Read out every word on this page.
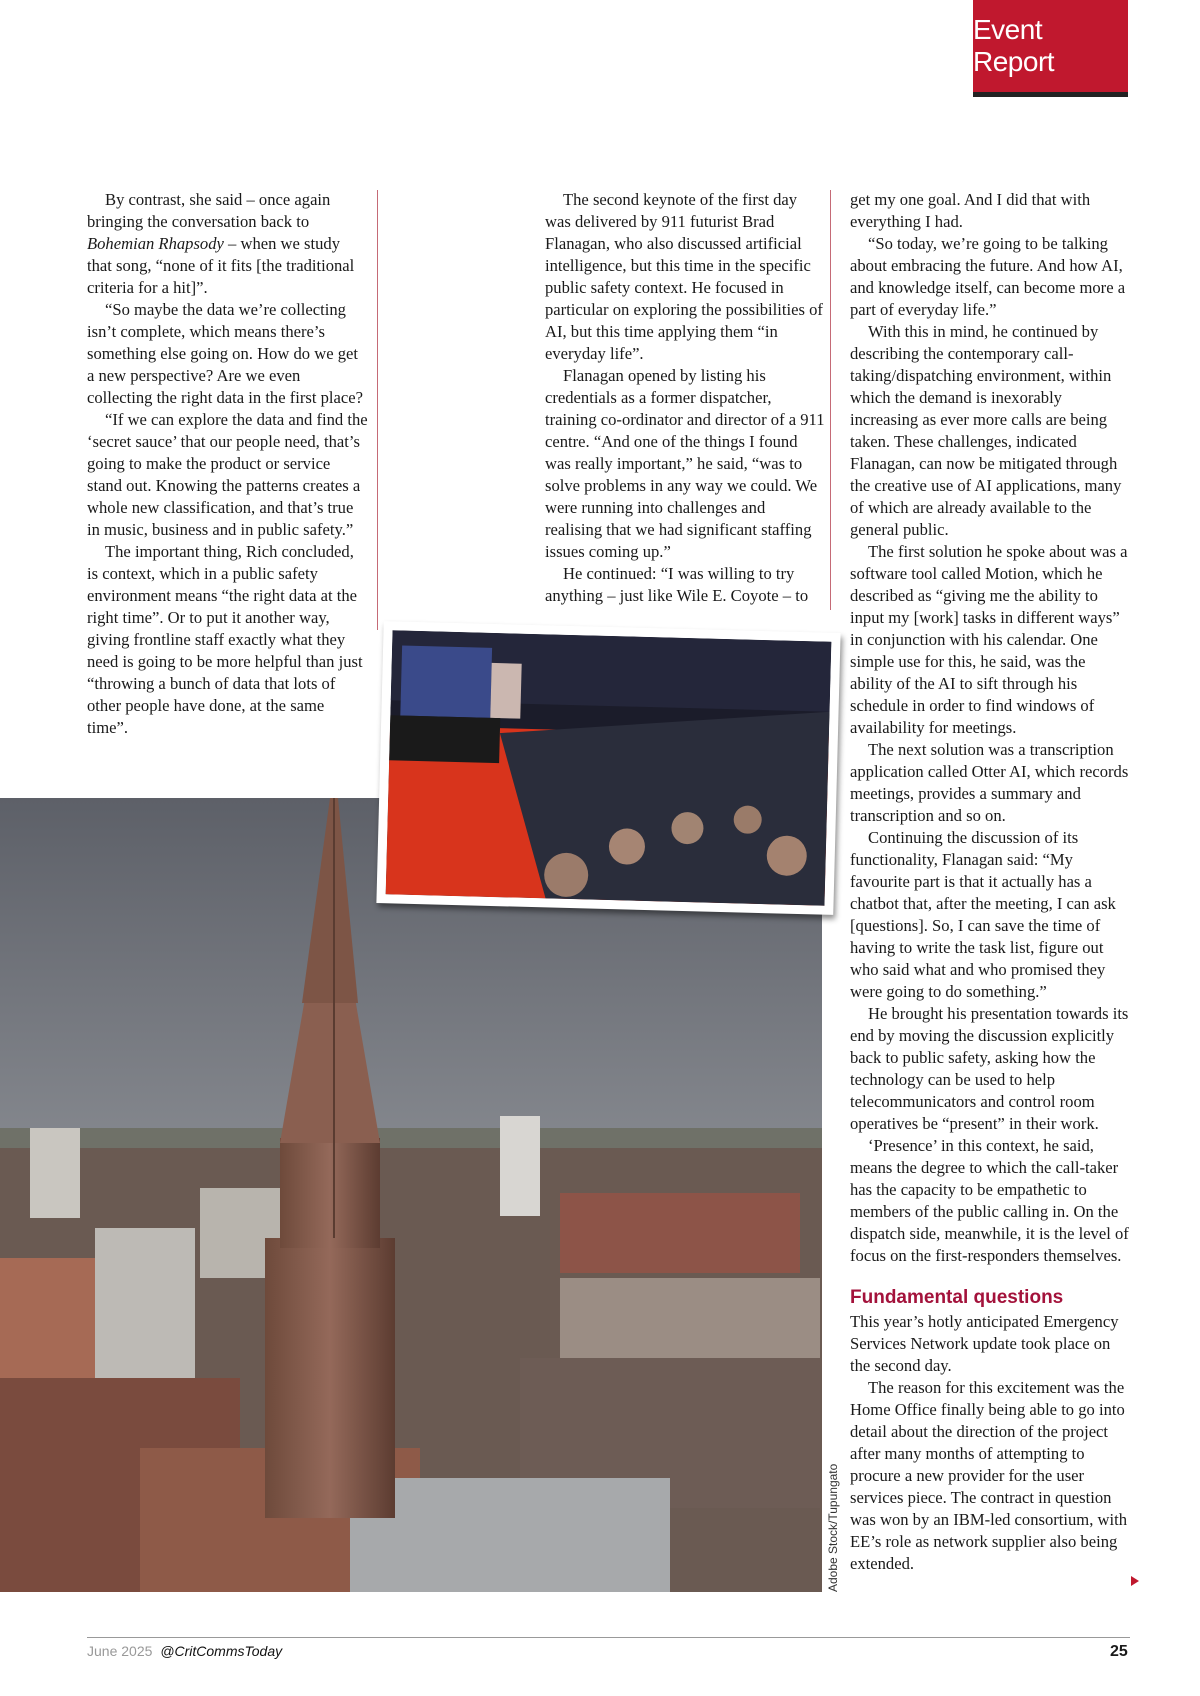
Event Report

By contrast, she said – once again bringing the conversation back to Bohemian Rhapsody – when we study that song, “none of it fits [the traditional criteria for a hit]”.

“So maybe the data we’re collecting isn’t complete, which means there’s something else going on. How do we get a new perspective? Are we even collecting the right data in the first place?

“If we can explore the data and find the ‘secret sauce’ that our people need, that’s going to make the product or service stand out. Knowing the patterns creates a whole new classification, and that’s true in music, business and in public safety.”

The important thing, Rich concluded, is context, which in a public safety environment means “the right data at the right time”. Or to put it another way, giving frontline staff exactly what they need is going to be more helpful than just “throwing a bunch of data that lots of other people have done, at the same time”.

The second keynote of the first day was delivered by 911 futurist Brad Flanagan, who also discussed artificial intelligence, but this time in the specific public safety context. He focused in particular on exploring the possibilities of AI, but this time applying them “in everyday life”.

Flanagan opened by listing his credentials as a former dispatcher, training co-ordinator and director of a 911 centre. “And one of the things I found was really important,” he said, “was to solve problems in any way we could. We were running into challenges and realising that we had significant staffing issues coming up.”

He continued: “I was willing to try anything – just like Wile E. Coyote – to

get my one goal. And I did that with everything I had.

“So today, we’re going to be talking about embracing the future. And how AI, and knowledge itself, can become more a part of everyday life.”

With this in mind, he continued by describing the contemporary call-taking/dispatching environment, within which the demand is inexorably increasing as ever more calls are being taken. These challenges, indicated Flanagan, can now be mitigated through the creative use of AI applications, many of which are already available to the general public.

The first solution he spoke about was a software tool called Motion, which he described as “giving me the ability to input my [work] tasks in different ways” in conjunction with his calendar. One simple use for this, he said, was the ability of the AI to sift through his schedule in order to find windows of availability for meetings.

The next solution was a transcription application called Otter AI, which records meetings, provides a summary and transcription and so on.

Continuing the discussion of its functionality, Flanagan said: “My favourite part is that it actually has a chatbot that, after the meeting, I can ask [questions]. So, I can save the time of having to write the task list, figure out who said what and who promised they were going to do something.”

He brought his presentation towards its end by moving the discussion explicitly back to public safety, asking how the technology can be used to help telecommunicators and control room operatives be “present” in their work.

‘Presence’ in this context, he said, means the degree to which the call-taker has the capacity to be empathetic to members of the public calling in. On the dispatch side, meanwhile, it is the level of focus on the first-responders themselves.

Fundamental questions

This year’s hotly anticipated Emergency Services Network update took place on the second day.

The reason for this excitement was the Home Office finally being able to go into detail about the direction of the project after many months of attempting to procure a new provider for the user services piece. The contract in question was won by an IBM-led consortium, with EE’s role as network supplier also being extended.

Adobe Stock/Tupungato
June 2025 @CritCommsToday	25
